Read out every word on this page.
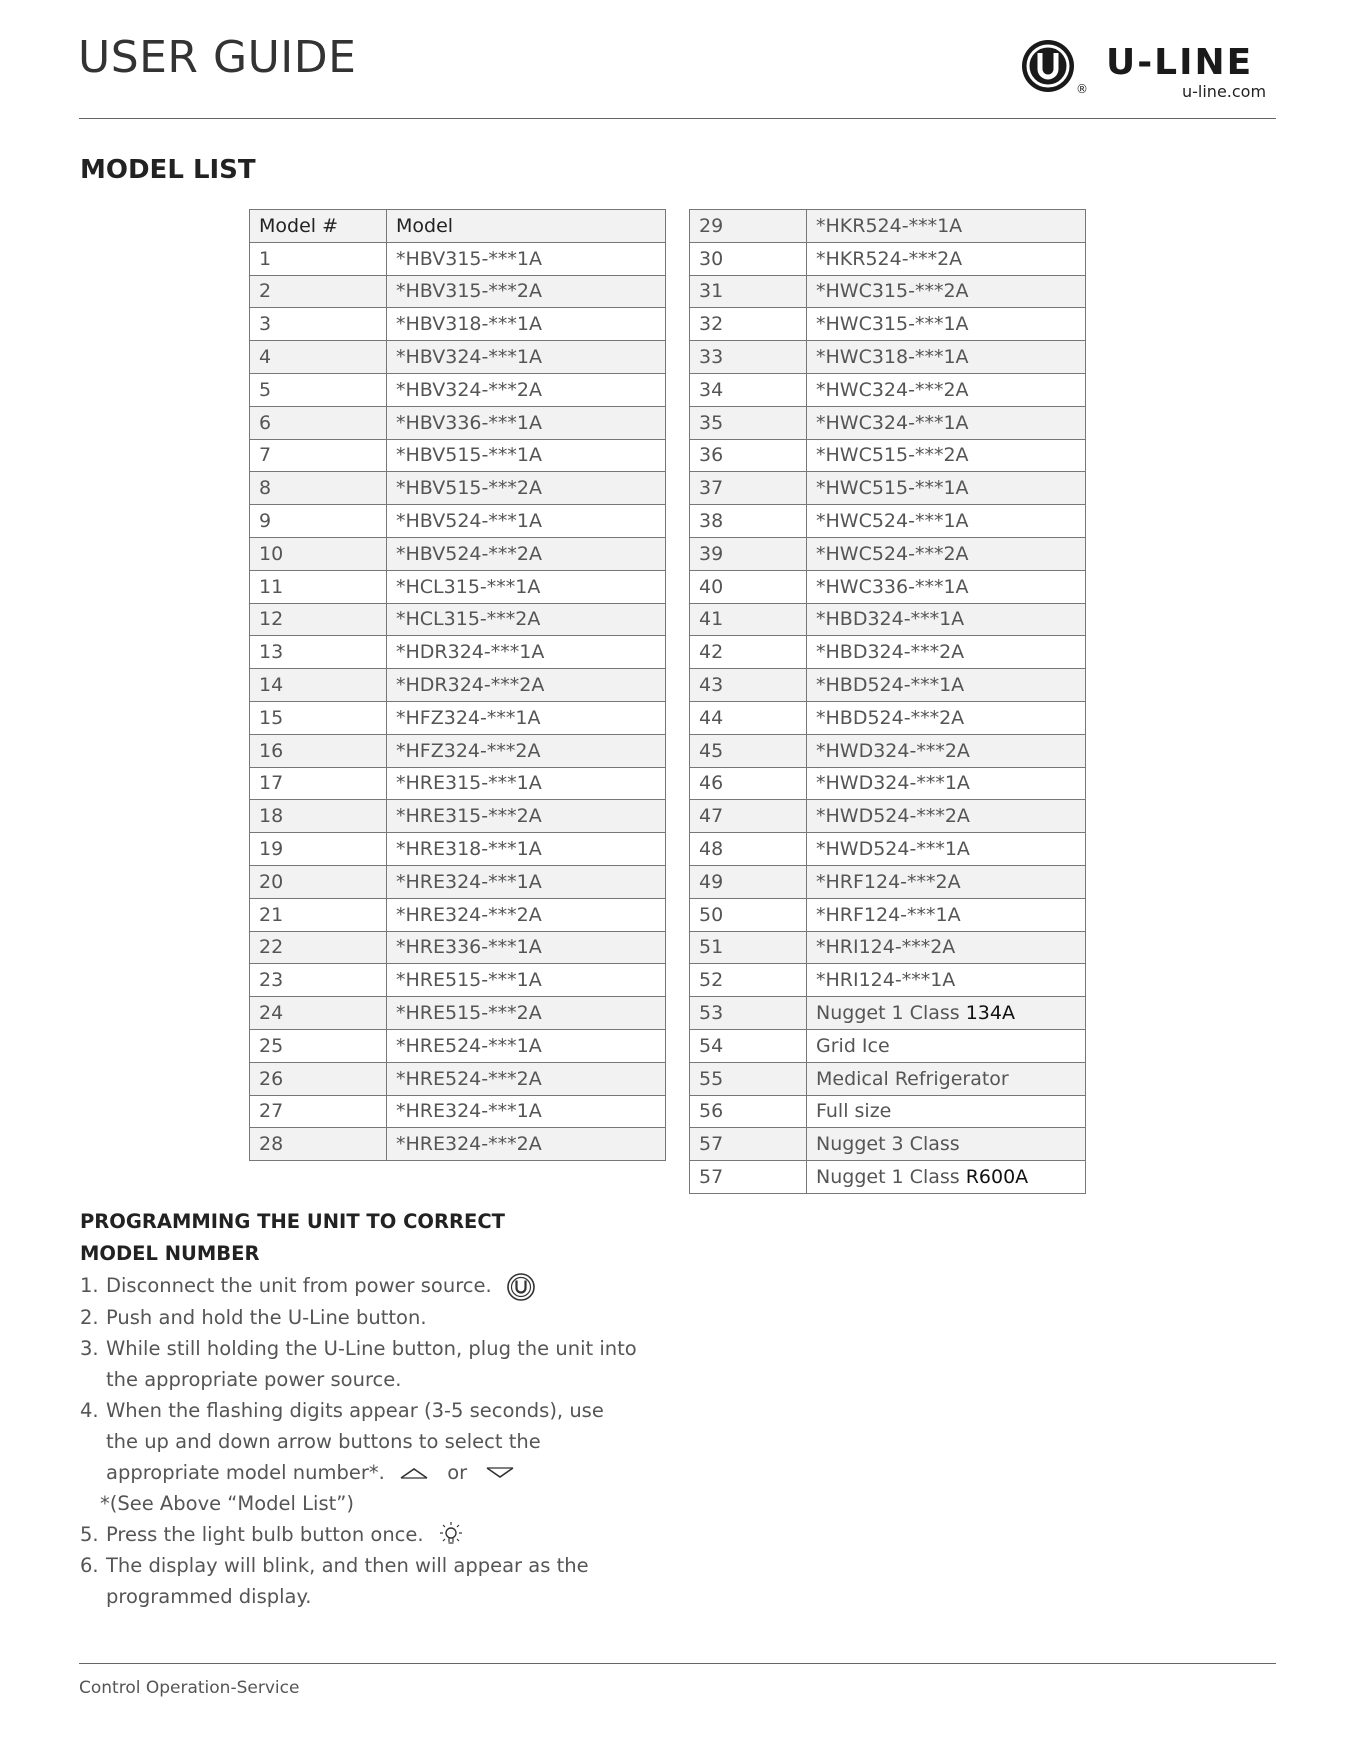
USER GUIDE
®
U-LINE
u-line.com
MODEL LIST
Model #	Model
1	*HBV315-***1A
2	*HBV315-***2A
3	*HBV318-***1A
4	*HBV324-***1A
5	*HBV324-***2A
6	*HBV336-***1A
7	*HBV515-***1A
8	*HBV515-***2A
9	*HBV524-***1A
10	*HBV524-***2A
11	*HCL315-***1A
12	*HCL315-***2A
13	*HDR324-***1A
14	*HDR324-***2A
15	*HFZ324-***1A
16	*HFZ324-***2A
17	*HRE315-***1A
18	*HRE315-***2A
19	*HRE318-***1A
20	*HRE324-***1A
21	*HRE324-***2A
22	*HRE336-***1A
23	*HRE515-***1A
24	*HRE515-***2A
25	*HRE524-***1A
26	*HRE524-***2A
27	*HRE324-***1A
28	*HRE324-***2A
29	*HKR524-***1A
30	*HKR524-***2A
31	*HWC315-***2A
32	*HWC315-***1A
33	*HWC318-***1A
34	*HWC324-***2A
35	*HWC324-***1A
36	*HWC515-***2A
37	*HWC515-***1A
38	*HWC524-***1A
39	*HWC524-***2A
40	*HWC336-***1A
41	*HBD324-***1A
42	*HBD324-***2A
43	*HBD524-***1A
44	*HBD524-***2A
45	*HWD324-***2A
46	*HWD324-***1A
47	*HWD524-***2A
48	*HWD524-***1A
49	*HRF124-***2A
50	*HRF124-***1A
51	*HRI124-***2A
52	*HRI124-***1A
53	Nugget 1 Class 134A
54	Grid Ice
55	Medical Refrigerator
56	Full size
57	Nugget 3 Class
57	Nugget 1 Class R600A
PROGRAMMING THE UNIT TO CORRECT
MODEL NUMBER
1. Disconnect the unit from power source.
2. Push and hold the U-Line button.
3. While still holding the U-Line button, plug the unit into the appropriate power source.
4. When the flashing digits appear (3-5 seconds), use the up and down arrow buttons to select the appropriate model number*.	or
*(See Above “Model List”)
5. Press the light bulb button once.
6. The display will blink, and then will appear as the programmed display.
Control Operation-Service
